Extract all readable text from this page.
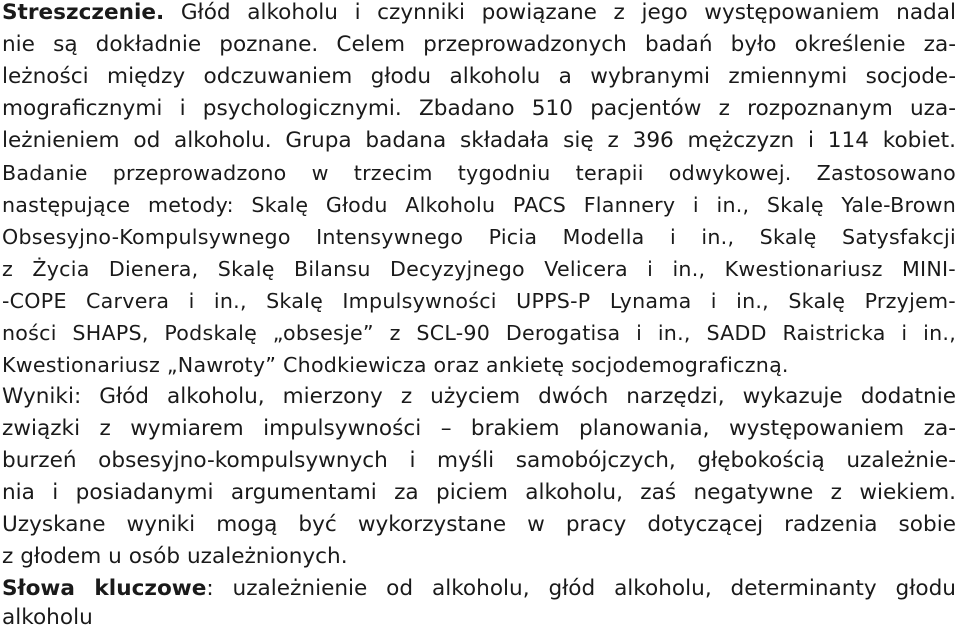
Streszczenie. Głód alkoholu i czynniki powiązane z jego występowaniem nadal
nie są dokładnie poznane. Celem przeprowadzonych badań było określenie za-
leżności między odczuwaniem głodu alkoholu a wybranymi zmiennymi socjode-
mograficznymi i psychologicznymi. Zbadano 510 pacjentów z rozpoznanym uza-
leżnieniem od alkoholu. Grupa badana składała się z 396 mężczyzn i 114 kobiet.
Badanie przeprowadzono w trzecim tygodniu terapii odwykowej. Zastosowano
następujące metody: Skalę Głodu Alkoholu PACS Flannery i in., Skalę Yale-Brown
Obsesyjno-Kompulsywnego Intensywnego Picia Modella i in., Skalę Satysfakcji
z Życia Dienera, Skalę Bilansu Decyzyjnego Velicera i in., Kwestionariusz MINI-
-COPE Carvera i in., Skalę Impulsywności UPPS-P Lynama i in., Skalę Przyjem-
ności SHAPS, Podskalę „obsesje” z SCL-90 Derogatisa i in., SADD Raistricka i in.,
Kwestionariusz „Nawroty” Chodkiewicza oraz ankietę socjodemograficzną.
Wyniki: Głód alkoholu, mierzony z użyciem dwóch narzędzi, wykazuje dodatnie
związki z wymiarem impulsywności – brakiem planowania, występowaniem za-
burzeń obsesyjno-kompulsywnych i myśli samobójczych, głębokością uzależnie-
nia i posiadanymi argumentami za piciem alkoholu, zaś negatywne z wiekiem.
Uzyskane wyniki mogą być wykorzystane w pracy dotyczącej radzenia sobie
z głodem u osób uzależnionych.
Słowa kluczowe: uzależnienie od alkoholu, głód alkoholu, determinanty głodu
alkoholu
